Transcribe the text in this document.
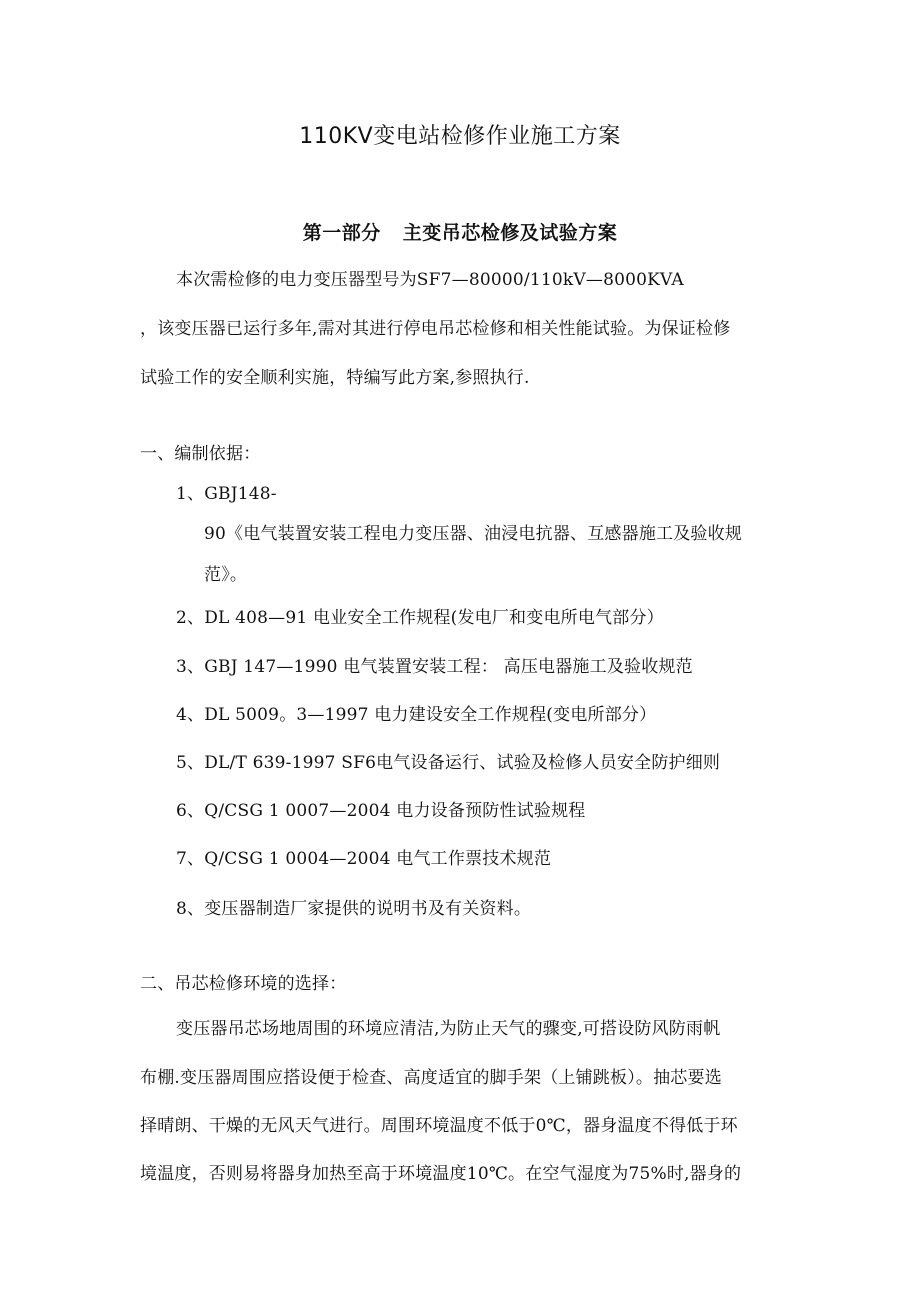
110KV变电站检修作业施工方案
第一部分 主变吊芯检修及试验方案
本次需检修的电力变压器型号为SF7—80000/110kV—8000KVA
，该变压器已运行多年,需对其进行停电吊芯检修和相关性能试验。为保证检修
试验工作的安全顺利实施，特编写此方案,参照执行.
一、编制依据：
1、GBJ148-
90《电气装置安装工程电力变压器、油浸电抗器、互感器施工及验收规
范》。
2、DL 408—91 电业安全工作规程(发电厂和变电所电气部分）
3、GBJ 147—1990 电气装置安装工程： 高压电器施工及验收规范
4、DL 5009。3—1997 电力建设安全工作规程(变电所部分）
5、DL/T 639-1997 SF6电气设备运行、试验及检修人员安全防护细则
6、Q/CSG 1 0007—2004 电力设备预防性试验规程
7、Q/CSG 1 0004—2004 电气工作票技术规范
8、变压器制造厂家提供的说明书及有关资料。
二、吊芯检修环境的选择：
变压器吊芯场地周围的环境应清洁,为防止天气的骤变,可搭设防风防雨帆
布棚.变压器周围应搭设便于检查、高度适宜的脚手架（上铺跳板）。抽芯要选
择晴朗、干燥的无风天气进行。周围环境温度不低于0℃，器身温度不得低于环
境温度，否则易将器身加热至高于环境温度10℃。在空气湿度为75%时,器身的
